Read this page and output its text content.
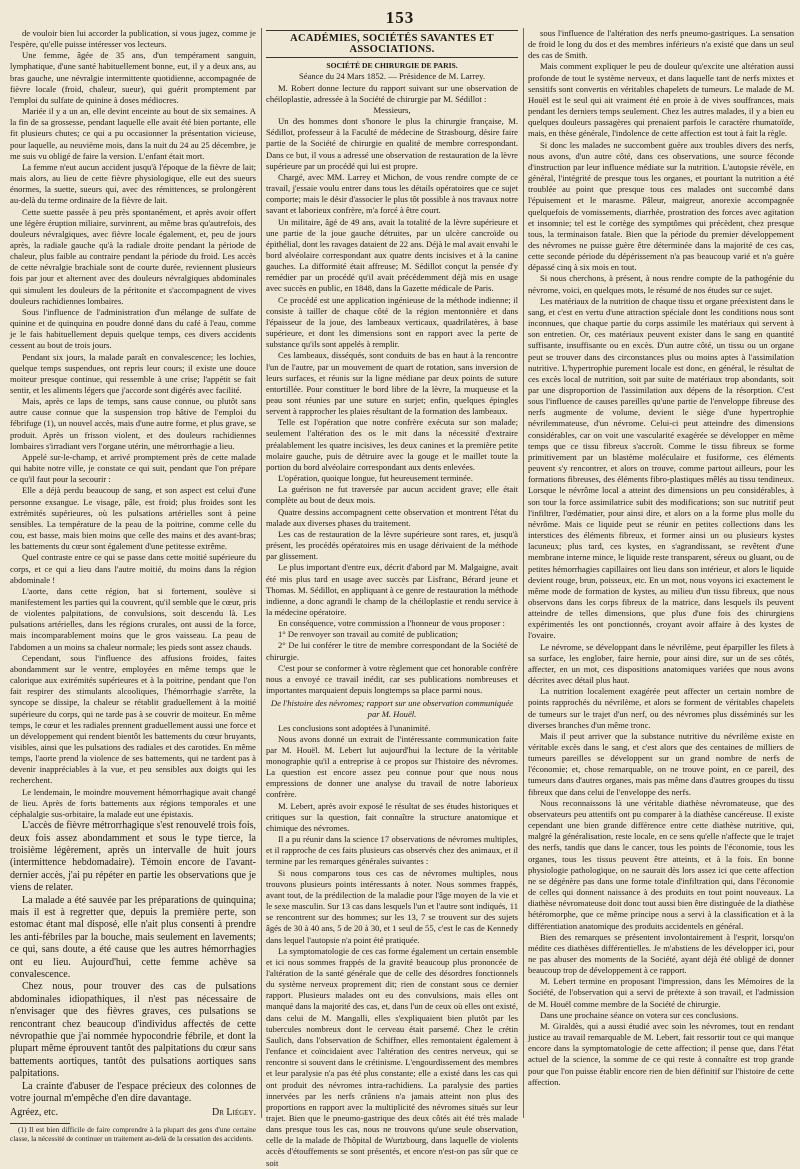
153

de vouloir bien lui accorder la publication, si vous jugez, comme je l'espère, qu'elle puisse intéresser vos lecteurs.

Une femme, âgée de 35 ans, d'un tempérament sanguin, lymphatique, d'une santé habituellement bonne, eut, il y a deux ans, au bras gauche, une névralgie intermittente quotidienne, accompagnée de fièvre locale (froid, chaleur, sueur), qui guérit promptement par l'emploi du sulfate de quinine à doses médiocres.

Mariée il y a un an, elle devint enceinte au bout de six semaines. A la fin de sa grossesse, pendant laquelle elle avait été bien portante, elle fit plusieurs chutes; ce qui a pu occasionner la présentation vicieuse, pour laquelle, au neuvième mois, dans la nuit du 24 au 25 décembre, je me suis vu obligé de faire la version. L'enfant était mort.

La femme n'eut aucun accident jusqu'à l'époque de la fièvre de lait; mais alors, au lieu de cette fièvre physiologique, elle eut des sueurs énormes, la suette, sueurs qui, avec des rémittences, se prolongèrent au-delà du terme ordinaire de la fièvre de lait.

Cette suette passée à peu près spontanément, et après avoir offert une légère éruption miliaire, survinrent, au même bras qu'autrefois, des douleurs névralgiques, avec fièvre locale également, et, peu de jours après, la radiale gauche qu'à la radiale droite pendant la période de chaleur, plus faible au contraire pendant la période du froid. Les accès de cette névralgie brachiale sont de courte durée, reviennent plusieurs fois par jour et alternent avec des douleurs névralgiques abdominales qui simulent les douleurs de la péritonite et s'accompagnent de vives douleurs rachidiennes lombaires.

Sous l'influence de l'administration d'un mélange de sulfate de quinine et de quinquina en poudre donné dans du café à l'eau, comme je le fais habituellement depuis quelque temps, ces divers accidents cessent au bout de trois jours.

Pendant six jours, la malade paraît en convalescence; les lochies, quelque temps suspendues, ont repris leur cours; il existe une douce moiteur presque continue, qui ressemble à une crise; l'appétit se fait sentir, et les aliments légers que j'accorde sont digérés avec facilité.

Mais, après ce laps de temps, sans cause connue, ou plutôt sans autre cause connue que la suspension trop hâtive de l'emploi du fébrifuge (1), un nouvel accès, mais d'une autre forme, et plus grave, se produit. Après un frisson violent, et des douleurs rachidiennes lombaires s'irradiant vers l'organe utérin, une métrorrhagie a lieu.

Appelé sur-le-champ, et arrivé promptement près de cette malade qui habite notre ville, je constate ce qui suit, pendant que l'on prépare ce qu'il faut pour la secourir :

Elle a déjà perdu beaucoup de sang, et son aspect est celui d'une personne exsangue. Le visage, pâle, est froid; plus froides sont les extrémités supérieures, où les pulsations artérielles sont à peine sensibles. La température de la peau de la poitrine, comme celle du cou, est basse, mais bien moins que celle des mains et des avant-bras; les battements du cœur sont également d'une petitesse extrême.

Quel contraste entre ce qui se passe dans cette moitié supérieure du corps, et ce qui a lieu dans l'autre moitié, du moins dans la région abdominale !

L'aorte, dans cette région, bat si fortement, soulève si manifestement les parties qui la couvrent, qu'il semble que le cœur, pris de violentes palpitations, de convulsions, soit descendu là. Les pulsations artérielles, dans les régions crurales, ont aussi de la force, mais incomparablement moins que le gros vaisseau. La peau de l'abdomen a un moins sa chaleur normale; les pieds sont assez chauds.

Cependant, sous l'influence des affusions froides, faites abondamment sur le ventre, employées en même temps que le calorique aux extrémités supérieures et à la poitrine, pendant que l'on fait respirer des stimulants alcooliques, l'hémorrhagie s'arrête, la syncope se dissipe, la chaleur se rétablit graduellement à la moitié supérieure du corps, qui ne tarde pas à se couvrir de moiteur. En même temps, le cœur et les radiales prennent graduellement aussi une force et un développement qui rendent bientôt les battements du cœur bruyants, visibles, ainsi que les pulsations des radiales et des carotides. En même temps, l'aorte prend la violence de ses battements, qui ne tardent pas à devenir inappréciables à la vue, et peu sensibles aux doigts qui les recherchent.

Le lendemain, le moindre mouvement hémorrhagique avait changé de lieu. Après de forts battements aux régions temporales et une céphalalgie sus-orbitaire, la malade eut une épistaxis.

L'accès de fièvre métrorrhagique s'est renouvelé trois fois, deux fois assez abondamment et sous le type tierce, la troisième légèrement, après un intervalle de huit jours (intermittence hebdomadaire). Témoin encore de l'avant-dernier accès, j'ai pu répéter en partie les observations que je viens de relater.

La malade a été sauvée par les préparations de quinquina; mais il est à regretter que, depuis la première perte, son estomac étant mal disposé, elle n'ait plus consenti à prendre les anti-fébriles par la bouche, mais seulement en lavements; ce qui, sans doute, a été cause que les autres hémorrhagies ont eu lieu. Aujourd'hui, cette femme achève sa convalescence.

Chez nous, pour trouver des cas de pulsations abdominales idiopathiques, il n'est pas nécessaire de n'envisager que des fièvres graves, ces pulsations se rencontrant chez beaucoup d'individus affectés de cette névropathie que j'ai nommée hypocondrie fébrile, et dont la plupart même éprouvent tantôt des palpitations du cœur sans battements aortiques, tantôt des pulsations aortiques sans palpitations.

La crainte d'abuser de l'espace précieux des colonnes de votre journal m'empêche d'en dire davantage.

Agréez, etc.	Dr Liégey.

(1) Il est bien difficile de faire comprendre à la plupart des gens d'une certaine classe, la nécessité de continuer un traitement au-delà de la cessation des accidents.

ACADÉMIES, SOCIÉTÉS SAVANTES ET ASSOCIATIONS.

SOCIÉTÉ DE CHIRURGIE DE PARIS.

Séance du 24 Mars 1852. — Présidence de M. Larrey.

M. Robert donne lecture du rapport suivant sur une observation de chéiloplastie, adressée à la Société de chirurgie par M. Sédillot :

Messieurs,

Un des hommes dont s'honore le plus la chirurgie française, M. Sédillot, professeur à la Faculté de médecine de Strasbourg, désire faire partie de la Société de chirurgie en qualité de membre correspondant. Dans ce but, il vous a adressé une observation de restauration de la lèvre supérieure par un procédé qui lui est propre.

Chargé, avec MM. Larrey et Michon, de vous rendre compte de ce travail, j'essaie voulu entrer dans tous les détails opératoires que ce sujet comporte; mais le désir d'associer le plus tôt possible à nos travaux notre savant et laborieux confrère, m'a forcé à être court.

Un militaire, âgé de 49 ans, avait la totalité de la lèvre supérieure et une partie de la joue gauche détruites, par un ulcère cancroïde ou épithélial, dont les ravages dataient de 22 ans. Déjà le mal avait envahi le bord alvéolaire correspondant aux quatre dents incisives et à la canine gauches. La difformité était affreuse; M. Sédillot conçut la pensée d'y remédier par un procédé qu'il avait précédemment déjà mis en usage avec succès en public, en 1848, dans la Gazette médicale de Paris.

Ce procédé est une application ingénieuse de la méthode indienne; il consiste à tailler de chaque côté de la région mentonnière et dans l'épaisseur de la joue, des lambeaux verticaux, quadrilatères, à base supérieure, et dont les dimensions sont en rapport avec la perte de substance qu'ils sont appelés à remplir.

Ces lambeaux, disséqués, sont conduits de bas en haut à la rencontre l'un de l'autre, par un mouvement de quart de rotation, sans inversion de leurs surfaces, et réunis sur la ligne médiane par deux points de suture entortillée. Pour constituer le bord libre de la lèvre, la muqueuse et la peau sont réunies par une suture en surjet; enfin, quelques épingles servent à rapprocher les plaies résultant de la formation des lambeaux.

Telle est l'opération que notre confrère exécuta sur son malade; seulement l'altération des os le mit dans la nécessité d'extraire préalablement les quatre incisives, les deux canines et la première petite molaire gauche, puis de détruire avec la gouge et le maillet toute la portion du bord alvéolaire correspondant aux dents enlevées.

L'opération, quoique longue, fut heureusement terminée.

La guérison ne fut traversée par aucun accident grave; elle était complète au bout de deux mois.

Quatre dessins accompagnent cette observation et montrent l'état du malade aux diverses phases du traitement.

Les cas de restauration de la lèvre supérieure sont rares, et, jusqu'à présent, les procédés opératoires mis en usage dérivaient de la méthode par glissement.

Le plus important d'entre eux, décrit d'abord par M. Malgaigne, avait été mis plus tard en usage avec succès par Lisfranc, Bérard jeune et Thomas. M. Sédillot, en appliquant à ce genre de restauration la méthode indienne, a donc agrandi le champ de la chéiloplastie et rendu service à la médecine opératoire.

En conséquence, votre commission a l'honneur de vous proposer :

1° De renvoyer son travail au comité de publication;

2° De lui conférer le titre de membre correspondant de la Société de chirurgie.

C'est pour se conformer à votre règlement que cet honorable confrère nous a envoyé ce travail inédit, car ses publications nombreuses et importantes marquaient depuis longtemps sa place parmi nous.

De l'histoire des névromes; rapport sur une observation communiquée par M. Houël.

Les conclusions sont adoptées à l'unanimité.

Nous avons donné un extrait de l'intéressante communication faite par M. Houël. M. Lebert lut aujourd'hui la lecture de la véritable monographie qu'il a entreprise à ce propos sur l'histoire des névromes. La question est encore assez peu connue pour que nous nous empressions de donner une analyse du travail de notre laborieux confrère.

M. Lebert, après avoir exposé le résultat de ses études historiques et critiques sur la question, fait connaître la structure anatomique et chimique des névromes.

Il a pu réunir dans la science 17 observations de névromes multiples, et il rapproche de ces faits plusieurs cas observés chez des animaux, et il termine par les remarques générales suivantes :

Si nous comparons tous ces cas de névromes multiples, nous trouvons plusieurs points intéressants à noter. Nous sommes frappés, avant tout, de la prédilection de la maladie pour l'âge moyen de la vie et le sexe masculin. Sur 13 cas dans lesquels l'un et l'autre sont indiqués, 11 se rencontrent sur des hommes; sur les 13, 7 se trouvent sur des sujets âgés de 30 à 40 ans, 5 de 20 à 30, et 1 seul de 55, c'est le cas de Kennedy dans lequel l'autopsie n'a point été pratiquée.

La symptomatologie de ces cas forme également un certain ensemble et ici nous sommes frappés de la gravité beaucoup plus prononcée de l'altération de la santé générale que de celle des désordres fonctionnels du système nerveux proprement dit; rien de constant sous ce dernier rapport. Plusieurs malades ont eu des convulsions, mais elles ont manqué dans la majorité des cas, et, dans l'un de ceux où elles ont existé, dans celui de M. Mangalli, elles s'expliquaient bien plutôt par les tubercules nombreux dont le cerveau était parsemé. Chez le crétin Saulich, dans l'observation de Schiffner, elles remontaient également à l'enfance et coïncidaient avec l'altération des centres nerveux, qui se rencontre si souvent dans le crétinisme. L'engourdissement des membres et leur paralysie n'a pas été plus constante; elle a existé dans les cas qui ont produit des névromes intra-rachidiens. La paralysie des parties innervées par les nerfs crâniens n'a jamais atteint non plus des proportions en rapport avec la multiplicité des névromes situés sur leur trajet. Bien que le pneumo-gastrique des deux côtés ait été très malade dans presque tous les cas, nous ne trouvons qu'une seule observation, celle de la malade de l'hôpital de Wurtzbourg, dans laquelle de violents accès d'étouffements se sont présentés, et encore n'est-on pas sûr que ce soit

sous l'influence de l'altération des nerfs pneumo-gastriques. La sensation de froid le long du dos et des membres inférieurs n'a existé que dans un seul des cas de Smith.

Mais comment expliquer le peu de douleur qu'excite une altération aussi profonde de tout le système nerveux, et dans laquelle tant de nerfs mixtes et sensitifs sont convertis en véritables chapelets de tumeurs. Le malade de M. Houël est le seul qui ait vraiment été en proie à de vives souffrances, mais pendant les derniers temps seulement. Chez les autres malades, il y a bien eu quelques douleurs passagères qui prenaient parfois le caractère rhumatoïde, mais, en thèse générale, l'indolence de cette affection est tout à fait la règle.

Si donc les malades ne succombent guère aux troubles divers des nerfs, nous avons, d'un autre côté, dans ces observations, une source féconde d'instruction par leur influence médiate sur la nutrition. L'autopsie révèle, en général, l'intégrité de presque tous les organes, et pourtant la nutrition a été troublée au point que presque tous ces malades ont succombé dans l'épuisement et le marasme. Pâleur, maigreur, anorexie accompagnée quelquefois de vomissements, diarrhée, prostration des forces avec agitation et insomnie; tel est le cortège des symptômes qui précèdent, chez presque tous, la terminaison fatale. Bien que la période du premier développement des névromes ne puisse guère être déterminée dans la majorité de ces cas, cette seconde période du dépérissement n'a pas beaucoup varié et n'a guère dépassé cinq à six mois en tout.

Si nous cherchons, à présent, à nous rendre compte de la pathogénie du névrome, voici, en quelques mots, le résumé de nos études sur ce sujet.

Les matériaux de la nutrition de chaque tissu et organe préexistent dans le sang, et c'est en vertu d'une attraction spéciale dont les conditions nous sont inconnues, que chaque partie du corps assimile les matériaux qui servent à son entretien. Or, ces matériaux peuvent exister dans le sang en quantité suffisante, insuffisante ou en excès. D'un autre côté, un tissu ou un organe peut se trouver dans des circonstances plus ou moins aptes à l'assimilation nutritive. L'hypertrophie purement locale est donc, en général, le résultat de ces excès local de nutrition, soit par suite de matériaux trop abondants, soit par une disproportion de l'assimilation aux dépens de la résorption. C'est sous l'influence de causes pareilles qu'une partie de l'enveloppe fibreuse des nerfs augmente de volume, devient le siège d'une hypertrophie névrilemmateuse, d'un névrome. Celui-ci peut atteindre des dimensions considérables, car on voit une vascularité exagérée se développer en même temps que ce tissu fibreux s'accroît. Comme le tissu fibreux se forme primitivement par un blastème moléculaire et fusiforme, ces éléments peuvent s'y rencontrer, et alors on trouve, comme partout ailleurs, pour les formations fibreuses, des éléments fibro-plastiques mêlés au tissu tendineux. Lorsque le névrôme local a atteint des dimensions un peu considérables, à son tour la force assimilatrice subit des modifications; son suc nutritif peut l'infiltrer, l'œdématier, pour ainsi dire, et alors on a la forme plus molle du névrôme. Mais ce liquide peut se réunir en petites collections dans les interstices des éléments fibreux, et former ainsi un ou plusieurs kystes lacuneux; plus tard, ces kystes, en s'agrandissant, se revêtent d'une membrane interne mince, le liquide reste transparent, séreux ou gluant, ou de petites hémorrhagies capillaires ont lieu dans son intérieur, et alors le liquide devient rouge, brun, poisseux, etc. En un mot, nous voyons ici exactement le même mode de formation de kystes, au milieu d'un tissu fibreux, que nous observons dans les corps fibreux de la matrice, dans lesquels ils peuvent atteindre de telles dimensions, que plus d'une fois des chirurgiens expérimentés les ont ponctionnés, croyant avoir affaire à des kystes de l'ovaire.

Le névrome, se développant dans le névrilème, peut éparpiller les filets à sa surface, les englober, faire hernie, pour ainsi dire, sur un de ses côtés, affecter, en un mot, ces dispositions anatomiques variées que nous avons décrites avec détail plus haut.

La nutrition localement exagérée peut affecter un certain nombre de points rapprochés du névrilème, et alors se forment de véritables chapelets de tumeurs sur le trajet d'un nerf, ou des névromes plus disséminés sur les diverses branches d'un même tronc.

Mais il peut arriver que la substance nutritive du névrilème existe en véritable excès dans le sang, et c'est alors que des centaines de milliers de tumeurs pareilles se développent sur un grand nombre de nerfs de l'économie; et, chose remarquable, on ne trouve point, en ce pareil, des tumeurs dans d'autres organes, mais pas même dans d'autres groupes du tissu fibreux que dans celui de l'enveloppe des nerfs.

Nous reconnaissons là une véritable diathèse névromateuse, que des observateurs peu attentifs ont pu comparer à la diathèse cancéreuse. Il existe cependant une bien grande différence entre cette diathèse nutritive, qui, malgré la généralisation, reste locale, en ce sens qu'elle n'affecte que le trajet des nerfs, tandis que dans le cancer, tous les points de l'économie, tous les organes, tous les tissus peuvent être atteints, et à la fois. En bonne physiologie pathologique, on ne saurait dès lors assez ici que cette affection ne se dégénère pas dans une forme totale d'infiltration qui, dans l'économie de celles qui donnent naissance à des produits en tout point nouveaux. La diathèse névromateuse doit donc tout aussi bien être distinguée de la diathèse hétéromorphe, que ce même principe nous a servi à la classification et à la différentiation anatomique des produits accidentels en général.

Bien des remarques se présentent involontairement à l'esprit, lorsqu'on médite ces diathèses différentielles. Je m'abstiens de les développer ici, pour ne pas abuser des moments de la Société, ayant déjà été obligé de donner beaucoup trop de développement à ce rapport.

M. Lebert termine en proposant l'impression, dans les Mémoires de la Société, de l'observation qui a servi de prétexte à son travail, et l'admission de M. Houël comme membre de la Société de chirurgie.

Dans une prochaine séance on votera sur ces conclusions.

M. Giraldès, qui a aussi étudié avec soin les névromes, tout en rendant justice au travail remarquable de M. Lebert, fait ressortir tout ce qui manque encore dans la symptomatologie de cette affection; il pense que, dans l'état actuel de la science, la somme de ce qui reste à connaître est trop grande pour que l'on puisse établir encore rien de bien définitif sur l'histoire de cette affection.
